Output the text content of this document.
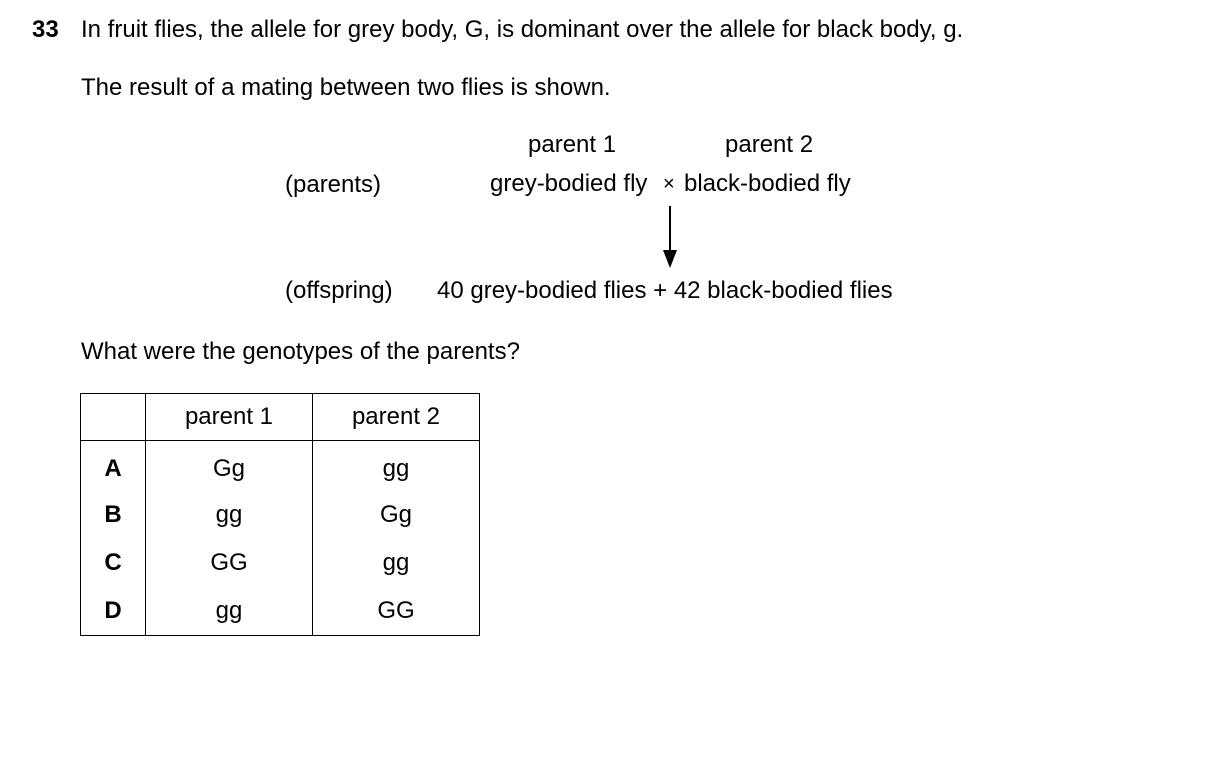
33 In fruit flies, the allele for grey body, G, is dominant over the allele for black body, g.
The result of a mating between two flies is shown.
parent 1	parent 2
(parents)	grey-bodied fly × black-bodied fly
(offspring) 40 grey-bodied flies + 42 black-bodied flies
What were the genotypes of the parents?
	parent 1	parent 2
A	Gg	gg
B	gg	Gg
C	GG	gg
D	gg	GG
